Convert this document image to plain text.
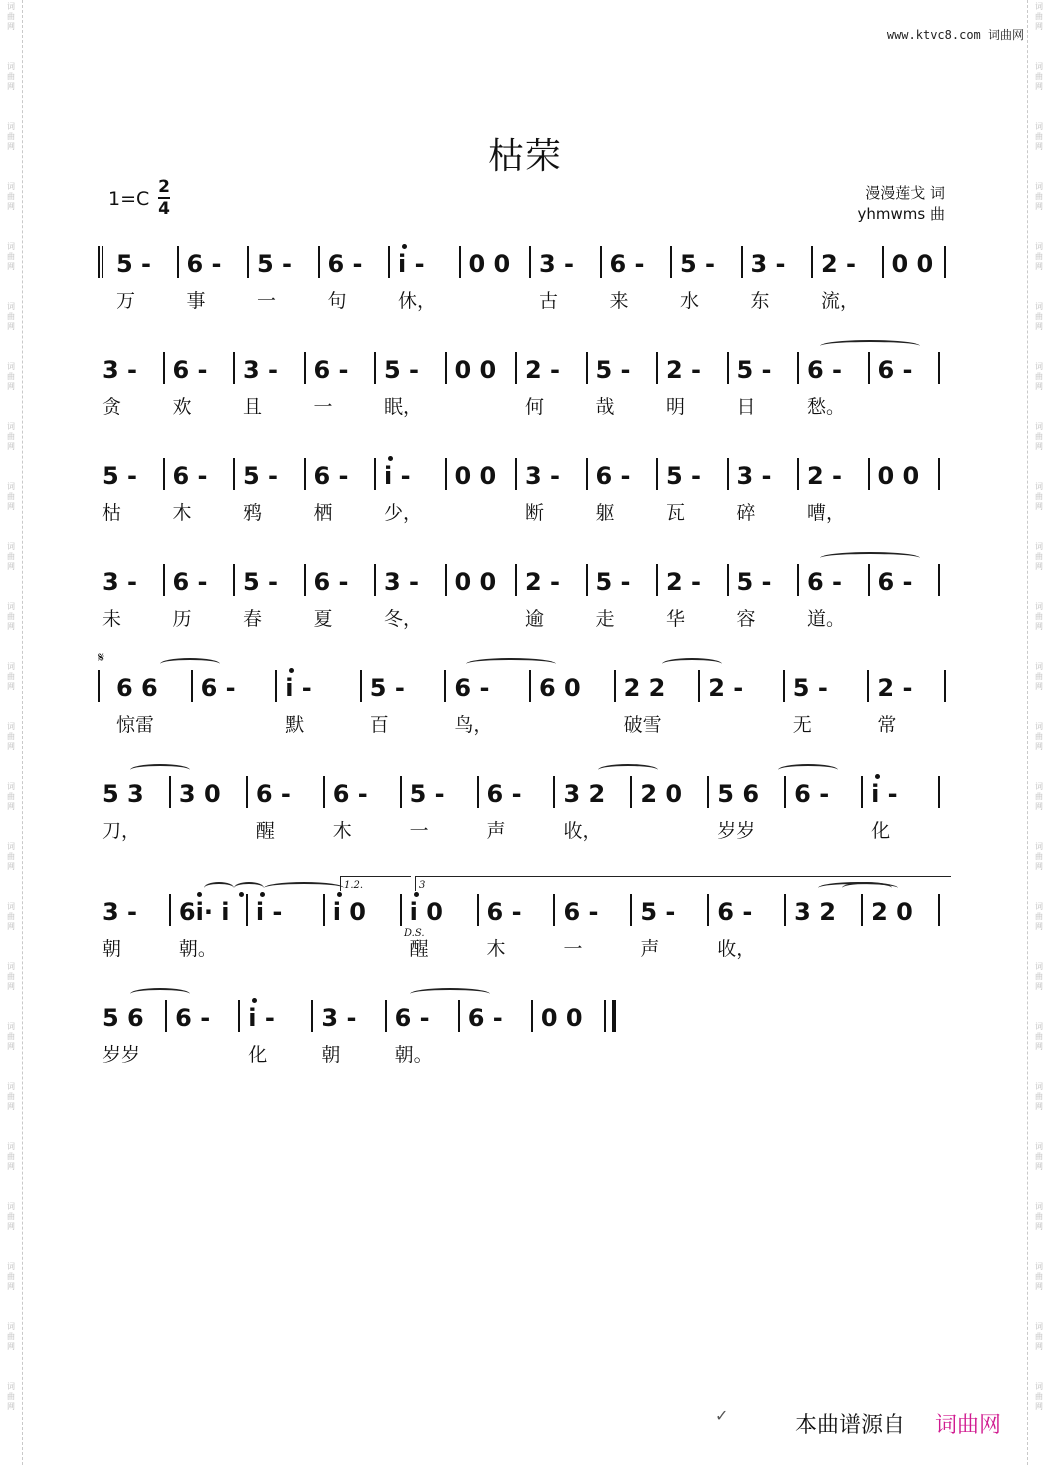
词
曲
网
词
曲
网
词
曲
网
词
曲
网
词
曲
网
词
曲
网
词
曲
网
词
曲
网
词
曲
网
词
曲
网
词
曲
网
词
曲
网
词
曲
网
词
曲
网
词
曲
网
词
曲
网
词
曲
网
词
曲
网
词
曲
网
词
曲
网
词
曲
网
词
曲
网
词
曲
网
词
曲
网
词
曲
网
词
曲
网
词
曲
网
词
曲
网
词
曲
网
词
曲
网
词
曲
网
词
曲
网
词
曲
网
词
曲
网
词
曲
网
词
曲
网
词
曲
网
词
曲
网
词
曲
网
词
曲
网
词
曲
网
词
曲
网
词
曲
网
词
曲
网
词
曲
网
词
曲
网
词
曲
网
词
曲
网
www.ktvc8.com 词曲网
枯荣
1=C
2
4
漫漫莲戈 词
yhmwms 曲
5 - 6 - 5 - 6 - i - 0 0 3 - 6 - 5 - 3 - 2 - 0 0
万	事	一	句	休，	古	来	水	东	流，
3 - 6 - 3 - 6 - 5 - 0 0 2 - 5 - 2 - 5 - 6 - 6 -
贪	欢	且	一	眠，	何	哉	明	日	愁。
5 - 6 - 5 - 6 - i - 0 0 3 - 6 - 5 - 3 - 2 - 0 0
枯	木	鸦	栖	少，	断	躯	瓦	碎	嘈，
3 - 6 - 5 - 6 - 3 - 0 0 2 - 5 - 2 - 5 - 6 - 6 -
未	历	春	夏	冬，	逾	走	华	容	道。
6 6 6 - i - 5 - 6 - 6 0 2 2 2 - 5 - 2 -
惊雷	默	百	鸟，	破雪	无	常
5 3 3 0 6 - 6 - 5 - 6 - 3 2 2 0 5 6 6 - i -
刀，	醒	木	一	声	收，	岁岁	化
3 - 6i· i i - i 0 i 0 6 - 6 - 5 - 6 - 3 2 2 0
朝	朝。	醒	木	一	声	收，
5 6 6 - i - 3 - 6 - 6 - 0 0
岁岁	化	朝	朝。
𝄋
1.2.	3
D.S.
✓	本曲谱源自 词曲网
